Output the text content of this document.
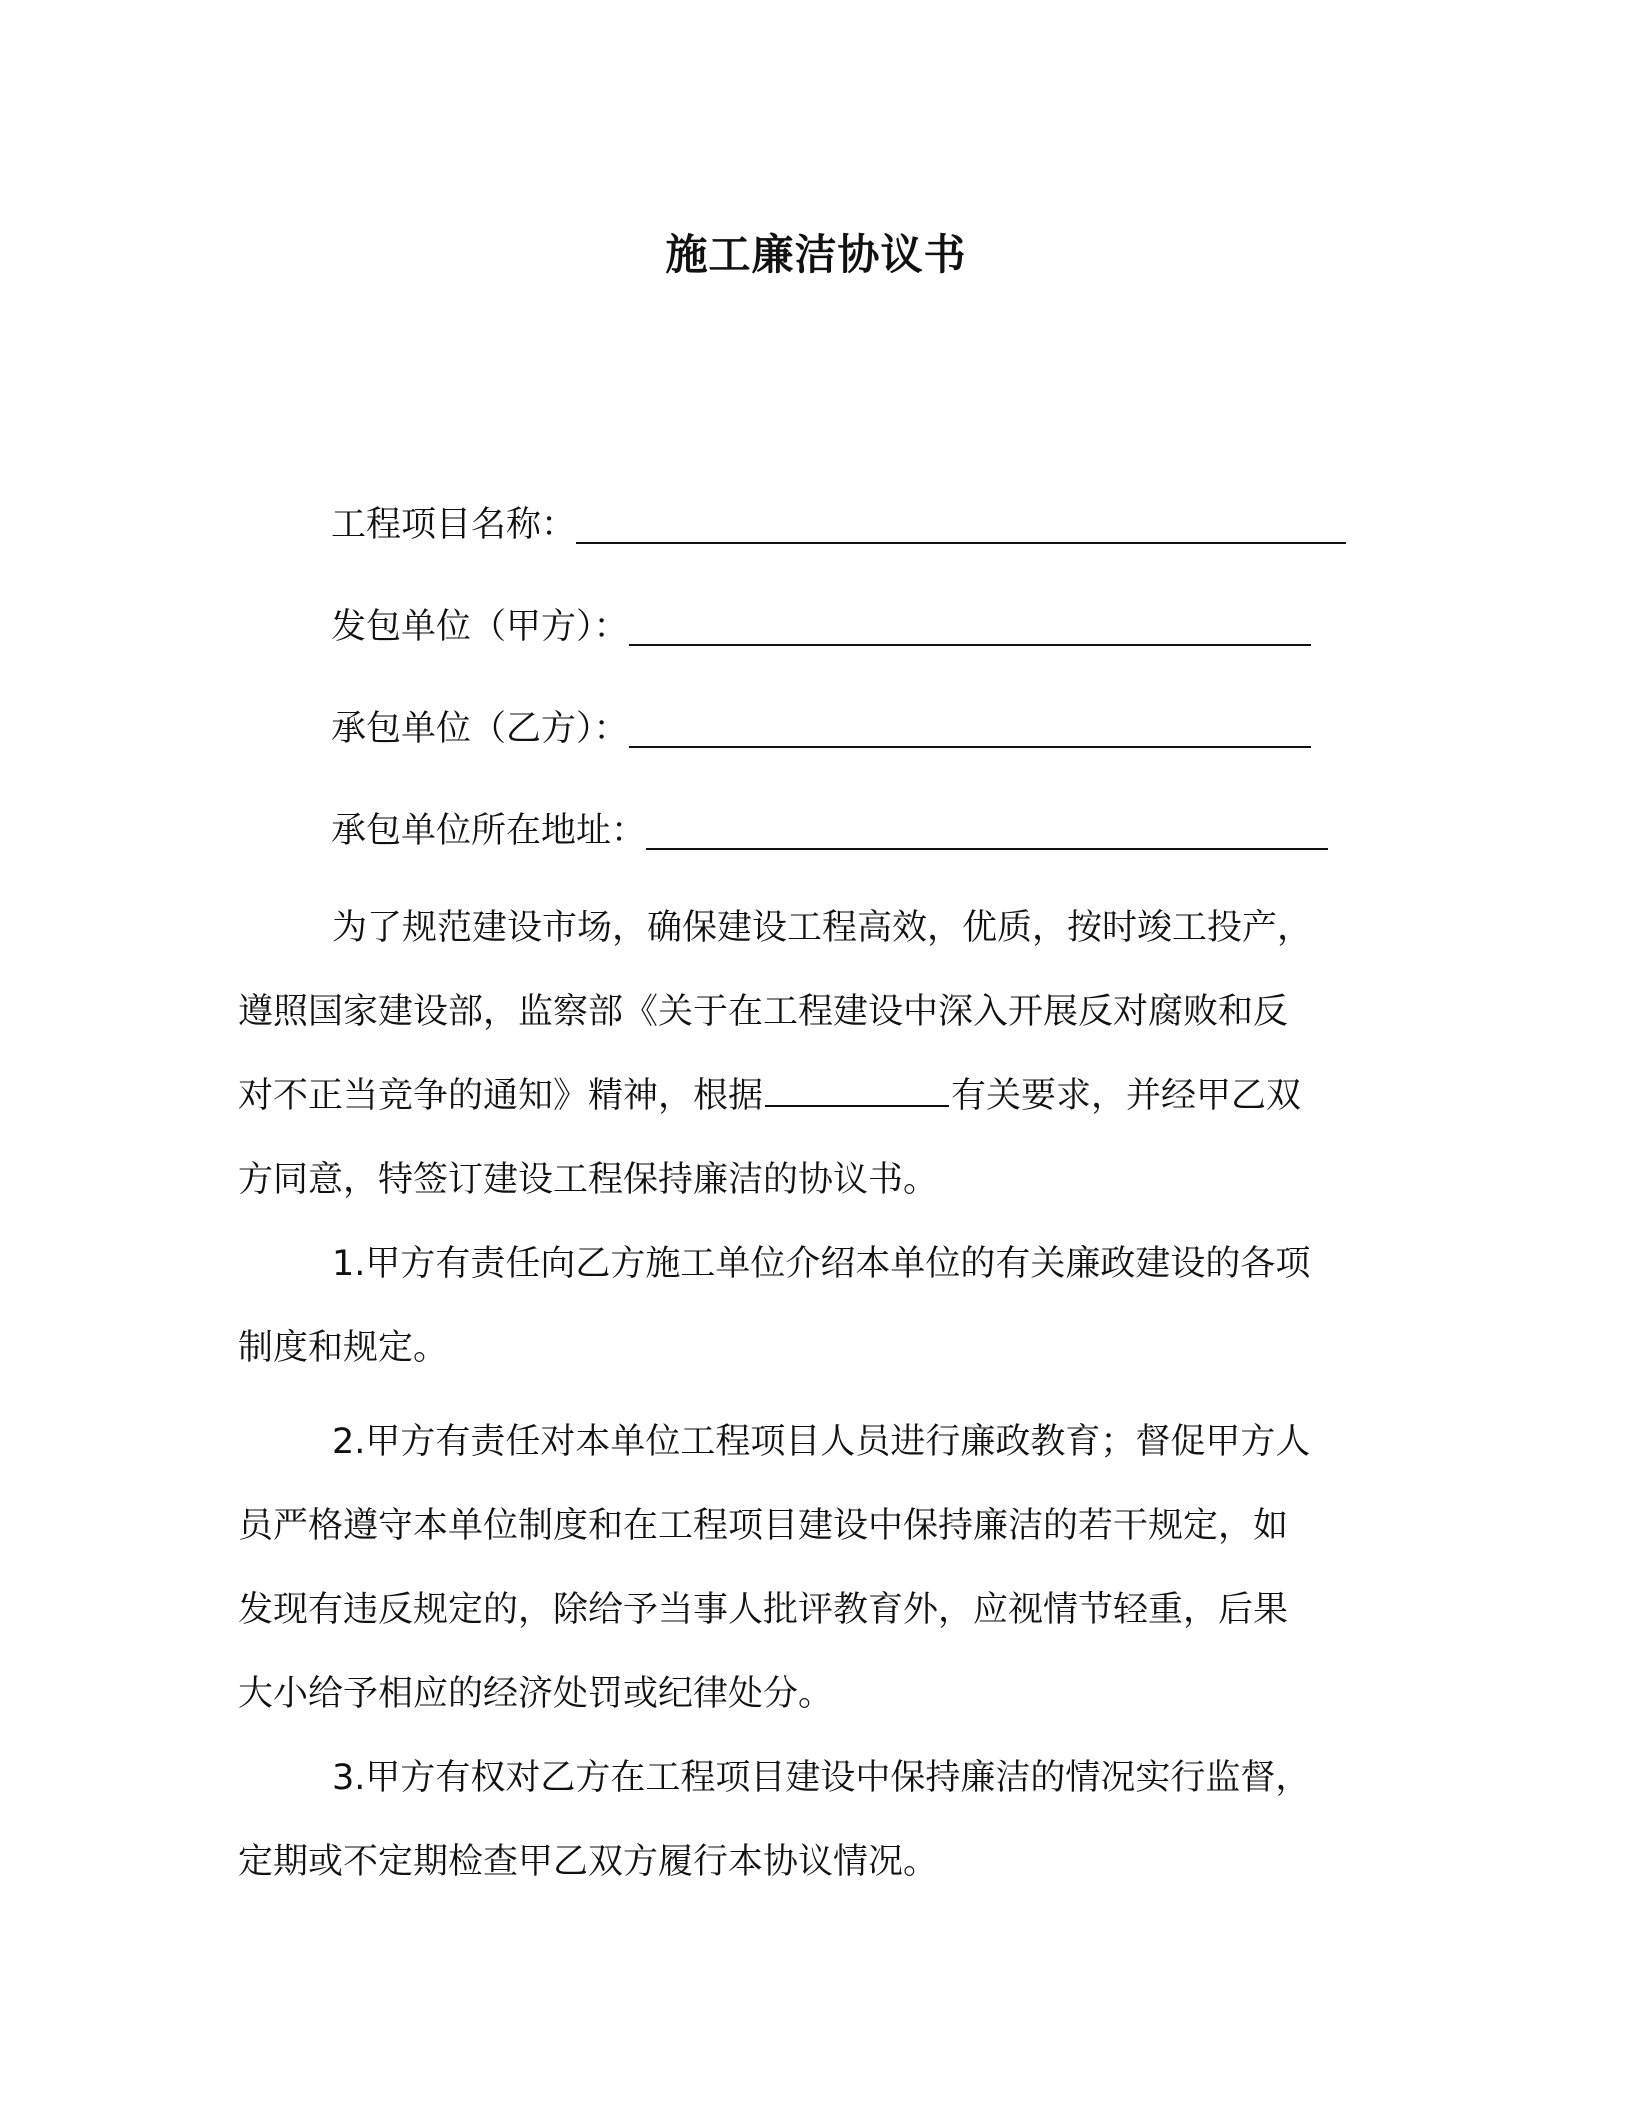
施工廉洁协议书
工程项目名称：
发包单位（甲方）：
承包单位（乙方）：
承包单位所在地址：
为了规范建设市场，确保建设工程高效，优质，按时竣工投产，
遵照国家建设部，监察部《关于在工程建设中深入开展反对腐败和反
对不正当竞争的通知》精神，根据	有关要求，并经甲乙双
方同意，特签订建设工程保持廉洁的协议书。
1.甲方有责任向乙方施工单位介绍本单位的有关廉政建设的各项
制度和规定。
2.甲方有责任对本单位工程项目人员进行廉政教育；督促甲方人
员严格遵守本单位制度和在工程项目建设中保持廉洁的若干规定，如
发现有违反规定的，除给予当事人批评教育外，应视情节轻重，后果
大小给予相应的经济处罚或纪律处分。
3.甲方有权对乙方在工程项目建设中保持廉洁的情况实行监督，
定期或不定期检查甲乙双方履行本协议情况。
